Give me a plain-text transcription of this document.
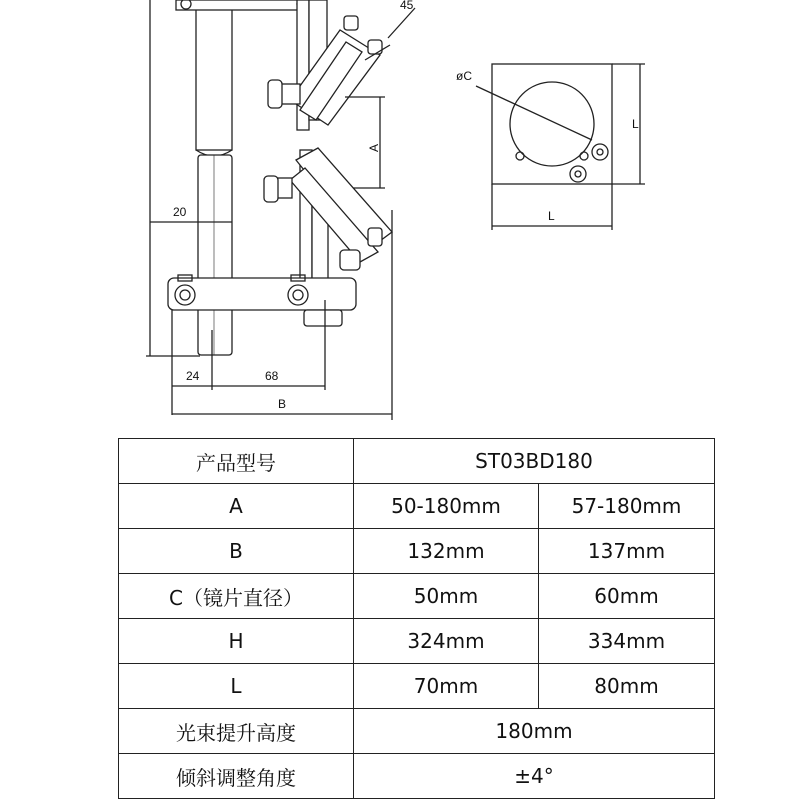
45
A
20
24	68
B
øC
L
L
产品型号	ST03BD180	
A	50-180mm	57-180mm
B	132mm	137mm
C（镜片直径）	50mm	60mm
H	324mm	334mm
L	70mm	80mm
光束提升高度	180mm	
倾斜调整角度	±4°	
